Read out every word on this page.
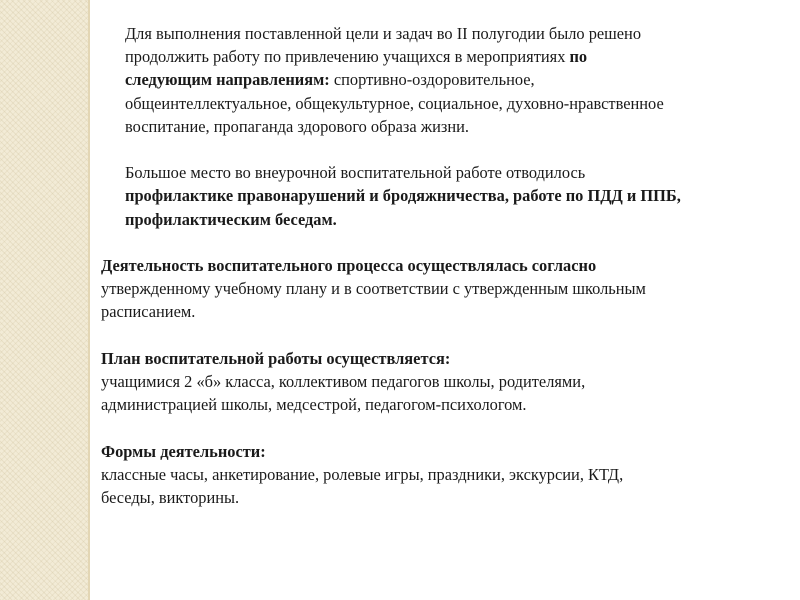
Для выполнения поставленной цели и задач во II полугодии было решено
продолжить работу по привлечению учащихся в мероприятиях по
следующим направлениям: спортивно-оздоровительное,
общеинтеллектуальное, общекультурное, социальное, духовно-нравственное
воспитание, пропаганда здорового образа жизни.

Большое место во внеурочной воспитательной работе отводилось
профилактике правонарушений и бродяжничества, работе по ПДД и ППБ,
профилактическим беседам.

Деятельность воспитательного процесса осуществлялась согласно
утвержденному учебному плану и в соответствии с утвержденным школьным
расписанием.

План воспитательной работы осуществляется:
учащимися 2 «б» класса, коллективом педагогов школы, родителями,
администрацией школы, медсестрой, педагогом-психологом.

Формы деятельности:
классные часы, анкетирование, ролевые игры, праздники, экскурсии, КТД,
беседы, викторины.
